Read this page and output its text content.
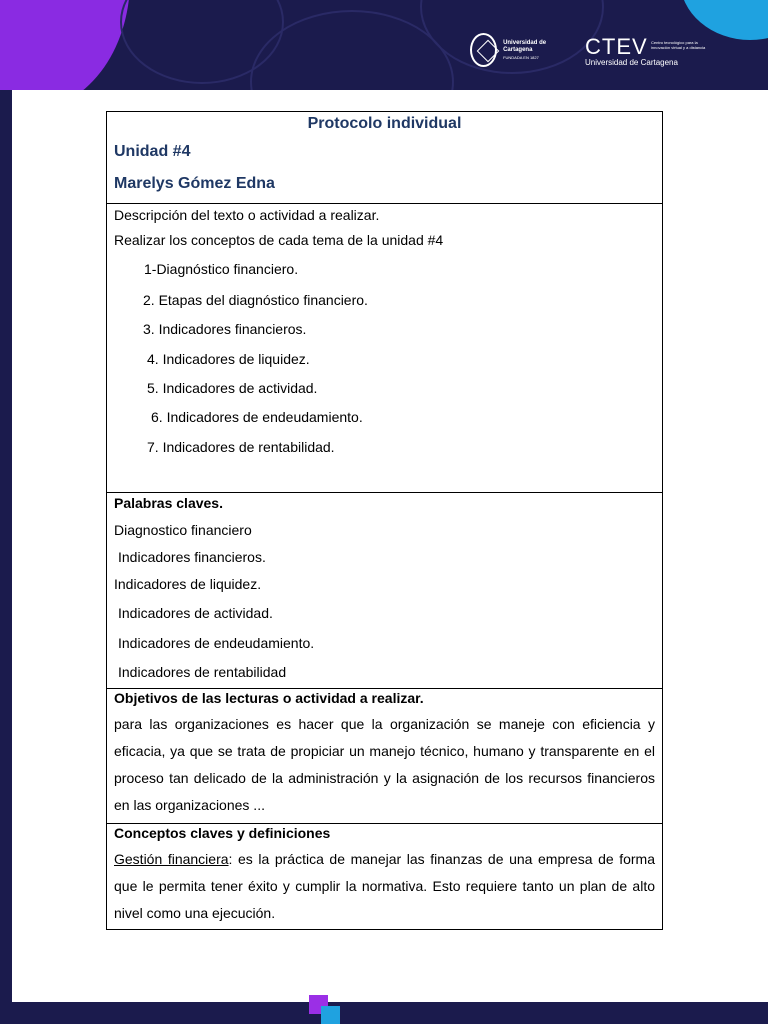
Universidad de Cartagena
FUNDADA EN 1827	CTEV Centro tecnológico para la innovación virtual y a distancia
Universidad de Cartagena
Protocolo individual
Unidad #4
Marelys Gómez Edna
Descripción del texto o actividad a realizar.
Realizar los conceptos de cada tema de la unidad #4
1-Diagnóstico financiero.
2. Etapas del diagnóstico financiero.
3. Indicadores financieros.
4. Indicadores de liquidez.
5. Indicadores de actividad.
6. Indicadores de endeudamiento.
7. Indicadores de rentabilidad.
Palabras claves.
Diagnostico financiero
Indicadores financieros.
Indicadores de liquidez.
Indicadores de actividad.
Indicadores de endeudamiento.
Indicadores de rentabilidad
Objetivos de las lecturas o actividad a realizar.
para las organizaciones es hacer que la organización se maneje con eficiencia y eficacia, ya que se trata de propiciar un manejo técnico, humano y transparente en el proceso tan delicado de la administración y la asignación de los recursos financieros en las organizaciones ...
Conceptos claves y definiciones
Gestión financiera: es la práctica de manejar las finanzas de una empresa de forma que le permita tener éxito y cumplir la normativa. Esto requiere tanto un plan de alto nivel como una ejecución.
